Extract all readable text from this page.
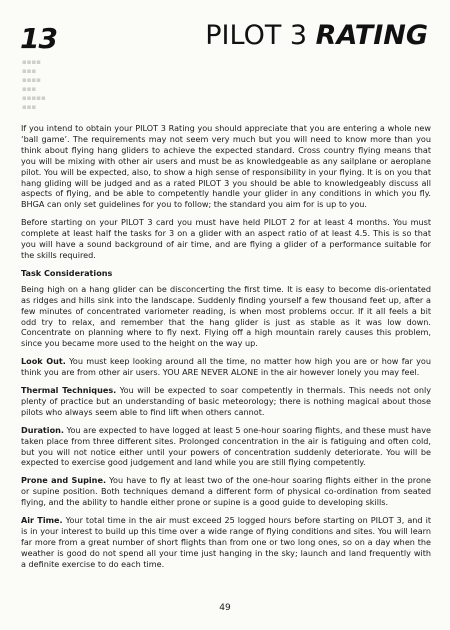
13	PILOT 3 RATING
▪▪▪▪
▪▪▪
▪▪▪▪
▪▪▪
▪▪▪▪▪
▪▪▪

If you intend to obtain your PILOT 3 Rating you should appreciate that you are entering a whole new ‘ball game’. The requirements may not seem very much but you will need to know more than you think about flying hang gliders to achieve the expected standard. Cross country flying means that you will be mixing with other air users and must be as knowledgeable as any sailplane or aeroplane pilot. You will be expected, also, to show a high sense of responsibility in your flying. It is on you that hang gliding will be judged and as a rated PILOT 3 you should be able to knowledgeably discuss all aspects of flying, and be able to competently handle your glider in any conditions in which you fly. BHGA can only set guidelines for you to follow; the standard you aim for is up to you.

Before starting on your PILOT 3 card you must have held PILOT 2 for at least 4 months. You must complete at least half the tasks for 3 on a glider with an aspect ratio of at least 4.5. This is so that you will have a sound background of air time, and are flying a glider of a performance suitable for the skills required.

Task Considerations

Being high on a hang glider can be disconcerting the first time. It is easy to become dis-orientated as ridges and hills sink into the landscape. Suddenly finding yourself a few thousand feet up, after a few minutes of concentrated variometer reading, is when most problems occur. If it all feels a bit odd try to relax, and remember that the hang glider is just as stable as it was low down. Concentrate on planning where to fly next. Flying off a high mountain rarely causes this problem, since you became more used to the height on the way up.

Look Out. You must keep looking around all the time, no matter how high you are or how far you think you are from other air users. YOU ARE NEVER ALONE in the air however lonely you may feel.

Thermal Techniques. You will be expected to soar competently in thermals. This needs not only plenty of practice but an understanding of basic meteorology; there is nothing magical about those pilots who always seem able to find lift when others cannot.

Duration. You are expected to have logged at least 5 one-hour soaring flights, and these must have taken place from three different sites. Prolonged concentration in the air is fatiguing and often cold, but you will not notice either until your powers of concentration suddenly deteriorate. You will be expected to exercise good judgement and land while you are still flying competently.

Prone and Supine. You have to fly at least two of the one-hour soaring flights either in the prone or supine position. Both techniques demand a different form of physical co-ordination from seated flying, and the ability to handle either prone or supine is a good guide to developing skills.

Air Time. Your total time in the air must exceed 25 logged hours before starting on PILOT 3, and it is in your interest to build up this time over a wide range of flying conditions and sites. You will learn far more from a great number of short flights than from one or two long ones, so on a day when the weather is good do not spend all your time just hanging in the sky; launch and land frequently with a definite exercise to do each time.

49
